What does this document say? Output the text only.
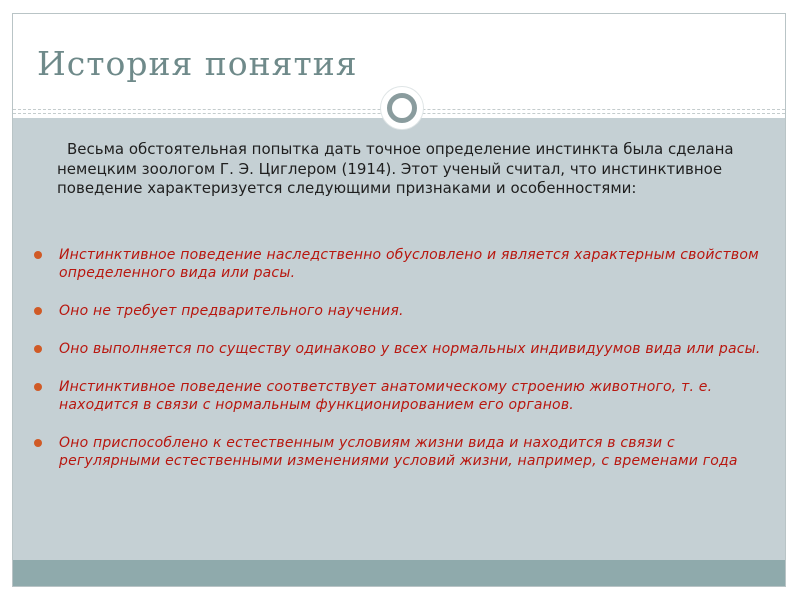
История понятия

Весьма обстоятельная попытка дать точное определение инстинкта была сделана немецким зоологом Г. Э. Циглером (1914). Этот ученый считал, что инстинктивное поведение характеризуется следующими признаками и особенностями:

Инстинктивное поведение наследственно обусловлено и является характерным свойством определенного вида или расы.
Оно не требует предварительного научения.
Оно выполняется по существу одинаково у всех нормальных индивидуумов вида или расы.
Инстинктивное поведение соответствует анатомическому строению животного, т. е. находится в связи с нормальным функционированием его органов.
Оно приспособлено к естественным условиям жизни вида и находится в связи с регулярными естественными изменениями условий жизни, например, с временами года
